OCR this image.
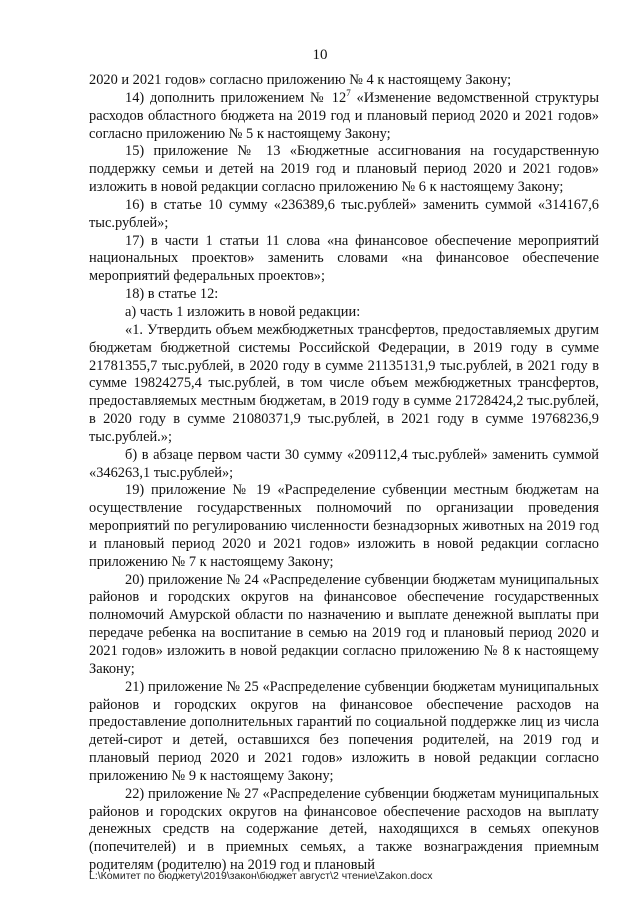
10

2020 и 2021 годов» согласно приложению № 4 к настоящему Закону;

14) дополнить приложением № $12^7$ «Изменение ведомственной структуры расходов областного бюджета на 2019 год и плановый период 2020 и 2021 годов» согласно приложению № 5 к настоящему Закону;

15) приложение № 13 «Бюджетные ассигнования на государственную поддержку семьи и детей на 2019 год и плановый период 2020 и 2021 годов» изложить в новой редакции согласно приложению № 6 к настоящему Закону;

16) в статье 10 сумму «236389,6 тыс.рублей» заменить суммой «314167,6 тыс.рублей»;

17) в части 1 статьи 11 слова «на финансовое обеспечение мероприятий национальных проектов» заменить словами «на финансовое обеспечение мероприятий федеральных проектов»;

18) в статье 12:

а) часть 1 изложить в новой редакции:

«1. Утвердить объем межбюджетных трансфертов, предоставляемых другим бюджетам бюджетной системы Российской Федерации, в 2019 году в сумме 21781355,7 тыс.рублей, в 2020 году в сумме 21135131,9 тыс.рублей, в 2021 году в сумме 19824275,4 тыс.рублей, в том числе объем межбюджетных трансфертов, предоставляемых местным бюджетам, в 2019 году в сумме 21728424,2 тыс.рублей, в 2020 году в сумме 21080371,9 тыс.рублей, в 2021 году в сумме 19768236,9 тыс.рублей.»;

б) в абзаце первом части 30 сумму «209112,4 тыс.рублей» заменить суммой «346263,1 тыс.рублей»;

19) приложение № 19 «Распределение субвенции местным бюджетам на осуществление государственных полномочий по организации проведения мероприятий по регулированию численности безнадзорных животных на 2019 год и плановый период 2020 и 2021 годов» изложить в новой редакции согласно приложению № 7 к настоящему Закону;

20) приложение № 24 «Распределение субвенции бюджетам муниципальных районов и городских округов на финансовое обеспечение государственных полномочий Амурской области по назначению и выплате денежной выплаты при передаче ребенка на воспитание в семью на 2019 год и плановый период 2020 и 2021 годов» изложить в новой редакции согласно приложению № 8 к настоящему Закону;

21) приложение № 25 «Распределение субвенции бюджетам муниципальных районов и городских округов на финансовое обеспечение расходов на предоставление дополнительных гарантий по социальной поддержке лиц из числа детей-сирот и детей, оставшихся без попечения родителей, на 2019 год и плановый период 2020 и 2021 годов» изложить в новой редакции согласно приложению № 9 к настоящему Закону;

22) приложение № 27 «Распределение субвенции бюджетам муниципальных районов и городских округов на финансовое обеспечение расходов на выплату денежных средств на содержание детей, находящихся в семьях опекунов (попечителей) и в приемных семьях, а также вознаграждения приемным родителям (родителю) на 2019 год и плановый

L:\Комитет по бюджету\2019\закон\бюджет август\2 чтение\Zakon.docx
